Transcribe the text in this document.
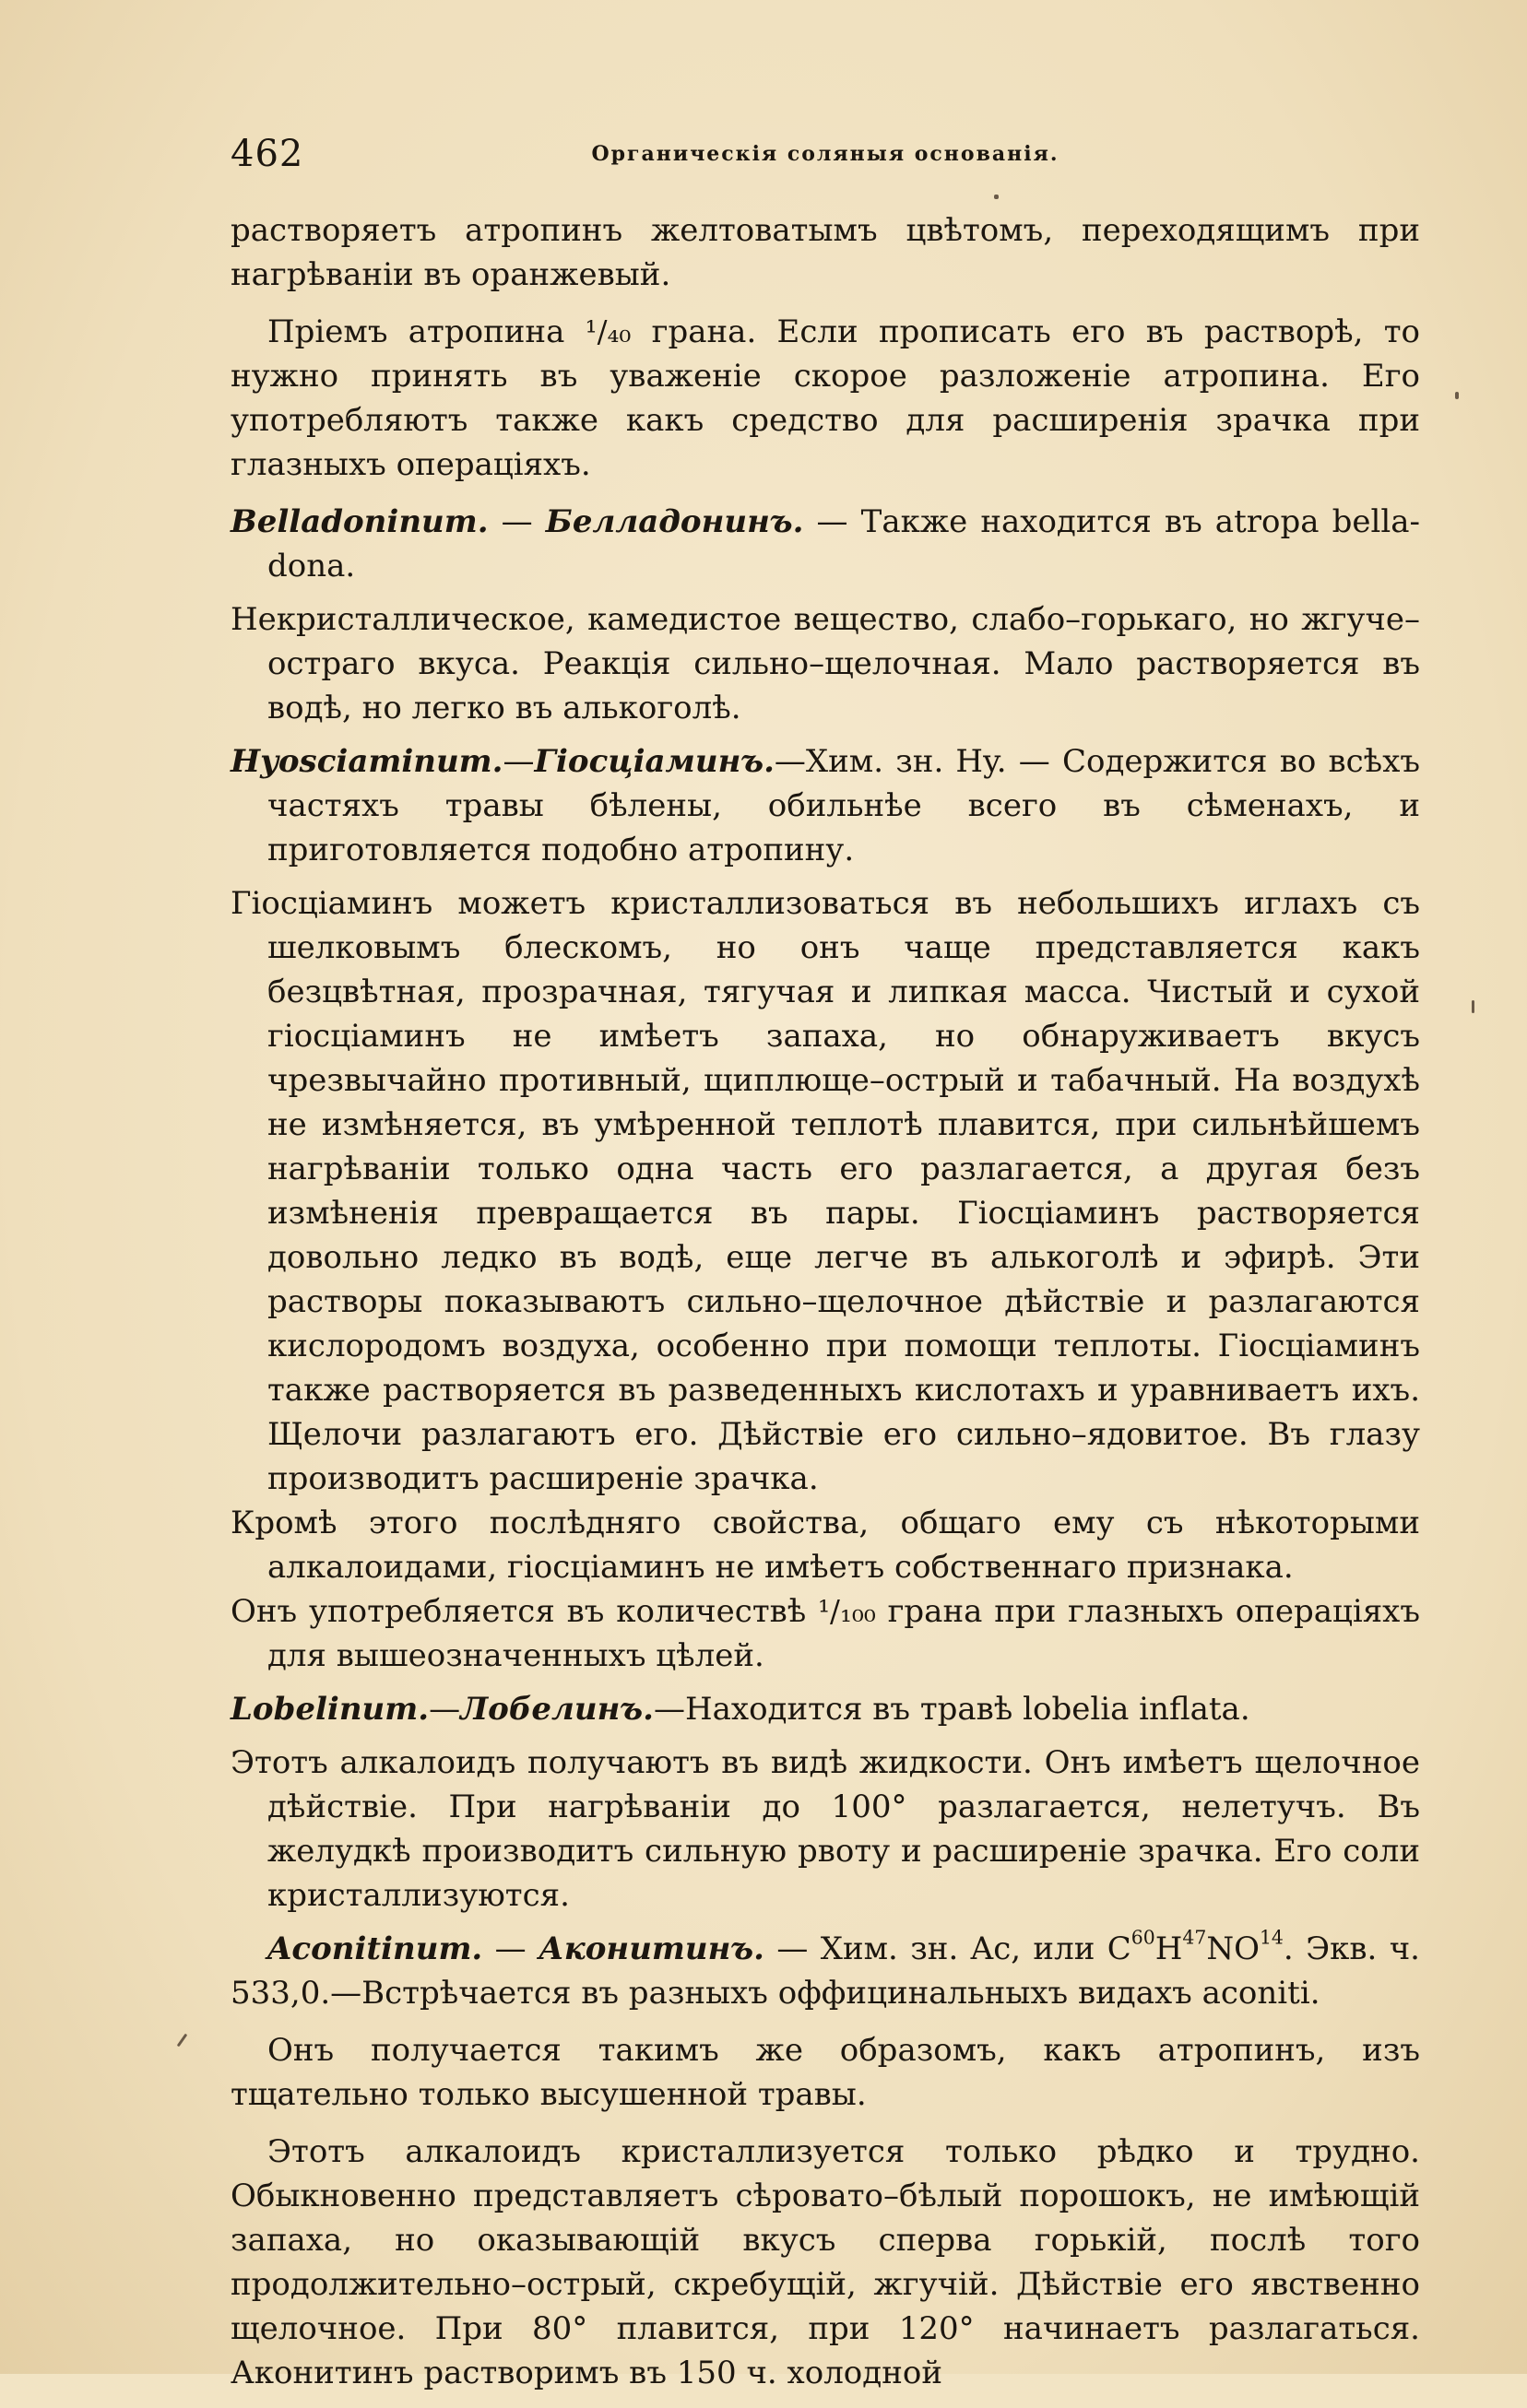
462	Органическія соляныя основанія.

растворяетъ атропинъ желтоватымъ цвѣтомъ, переходящимъ при нагрѣваніи въ оранжевый.

Пріемъ атропина ¹/₄₀ грана. Если прописать его въ растворѣ, то нужно принять въ уваженіе скорое разложеніе атропина. Его употребляютъ также какъ средство для расширенія зрачка при глазныхъ операціяхъ.

Belladoninum. — Белладонинъ. — Также находится въ atropa bella-dona.

Некристаллическое, камедистое вещество, слабо–горькаго, но жгуче–остраго вкуса. Реакція сильно–щелочная. Мало растворяется въ водѣ, но легко въ алькоголѣ.

Hyosciaminum.—Гіосціаминъ.—Хим. зн. Hy. — Содержится во всѣхъ частяхъ травы бѣлены, обильнѣе всего въ сѣменахъ, и приготовляется подобно атропину.

Гіосціаминъ можетъ кристаллизоваться въ небольшихъ иглахъ съ шелковымъ блескомъ, но онъ чаще представляется какъ безцвѣтная, прозрачная, тягучая и липкая масса. Чистый и сухой гіосціаминъ не имѣетъ запаха, но обнаруживаетъ вкусъ чрезвычайно противный, щиплюще–острый и табачный. На воздухѣ не измѣняется, въ умѣренной теплотѣ плавится, при сильнѣйшемъ нагрѣваніи только одна часть его разлагается, а другая безъ измѣненія превращается въ пары. Гіосціаминъ растворяется довольно ледко въ водѣ, еще легче въ алькоголѣ и эфирѣ. Эти растворы показываютъ сильно–щелочное дѣйствіе и разлагаются кислородомъ воздуха, особенно при помощи теплоты. Гіосціаминъ также растворяется въ разведенныхъ кислотахъ и уравниваетъ ихъ. Щелочи разлагаютъ его. Дѣйствіе его сильно–ядовитое. Въ глазу производитъ расширеніе зрачка.

Кромѣ этого послѣдняго свойства, общаго ему съ нѣкоторыми алкалоидами, гіосціаминъ не имѣетъ собственнаго признака.

Онъ употребляется въ количествѣ ¹/₁₀₀ грана при глазныхъ операціяхъ для вышеозначенныхъ цѣлей.

Lobelinum.—Лобелинъ.—Находится въ травѣ lobelia inflata.

Этотъ алкалоидъ получаютъ въ видѣ жидкости. Онъ имѣетъ щелочное дѣйствіе. При нагрѣваніи до 100° разлагается, нелетучъ. Въ желудкѣ производитъ сильную рвоту и расширеніе зрачка. Его соли кристаллизуются.

Aconitinum. — Аконитинъ. — Хим. зн. Ac, или $C^{60}H^{47}NO^{14}$. Экв. ч. 533,0.—Встрѣчается въ разныхъ оффицинальныхъ видахъ aconiti.

Онъ получается такимъ же образомъ, какъ атропинъ, изъ тщательно только высушенной травы.

Этотъ алкалоидъ кристаллизуется только рѣдко и трудно. Обыкновенно представляетъ сѣровато–бѣлый порошокъ, не имѣющій запаха, но оказывающій вкусъ сперва горькій, послѣ того продолжительно–острый, скребущій, жгучій. Дѣйствіе его явственно щелочное. При 80° плавится, при 120° начинаетъ разлагаться. Аконитинъ растворимъ въ 150 ч. холодной
